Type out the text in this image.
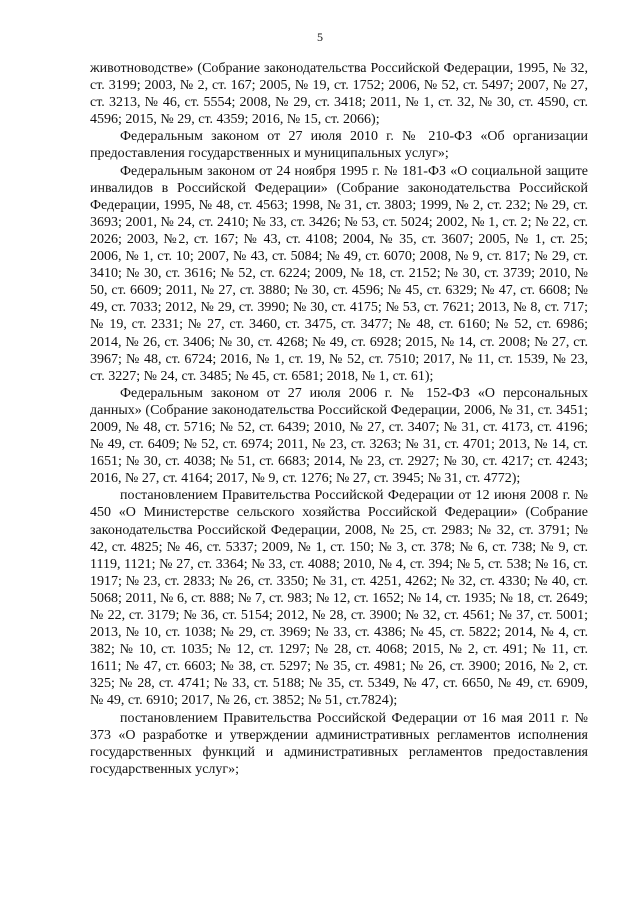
5

животноводстве» (Собрание законодательства Российской Федерации, 1995, № 32, ст. 3199; 2003, № 2, ст. 167; 2005, № 19, ст. 1752; 2006, № 52, ст. 5497; 2007, № 27, ст. 3213, № 46, ст. 5554; 2008, № 29, ст. 3418; 2011, № 1, ст. 32, № 30, ст. 4590, ст. 4596; 2015, № 29, ст. 4359; 2016, № 15, ст. 2066);

Федеральным законом от 27 июля 2010 г. № 210-ФЗ «Об организации предоставления государственных и муниципальных услуг»;

Федеральным законом от 24 ноября 1995 г. № 181-ФЗ «О социальной защите инвалидов в Российской Федерации» (Собрание законодательства Российской Федерации, 1995, № 48, ст. 4563; 1998, № 31, ст. 3803; 1999, № 2, ст. 232; № 29, ст. 3693; 2001, № 24, ст. 2410; № 33, ст. 3426; № 53, ст. 5024; 2002, № 1, ст. 2; № 22, ст. 2026; 2003, №2, ст. 167; № 43, ст. 4108; 2004, № 35, ст. 3607; 2005, № 1, ст. 25; 2006, № 1, ст. 10; 2007, № 43, ст. 5084; № 49, ст. 6070; 2008, № 9, ст. 817; № 29, ст. 3410; № 30, ст. 3616; № 52, ст. 6224; 2009, № 18, ст. 2152; № 30, ст. 3739; 2010, № 50, ст. 6609; 2011, № 27, ст. 3880; № 30, ст. 4596; № 45, ст. 6329; № 47, ст. 6608; № 49, ст. 7033; 2012, № 29, ст. 3990; № 30, ст. 4175; № 53, ст. 7621; 2013, № 8, ст. 717; № 19, ст. 2331; № 27, ст. 3460, ст. 3475, ст. 3477; № 48, ст. 6160; № 52, ст. 6986; 2014, № 26, ст. 3406; № 30, ст. 4268; № 49, ст. 6928; 2015, № 14, ст. 2008; № 27, ст. 3967; № 48, ст. 6724; 2016, № 1, ст. 19, № 52, ст. 7510; 2017, № 11, ст. 1539, № 23, ст. 3227; № 24, ст. 3485; № 45, ст. 6581; 2018, № 1, ст. 61);

Федеральным законом от 27 июля 2006 г. № 152-ФЗ «О персональных данных» (Собрание законодательства Российской Федерации, 2006, № 31, ст. 3451; 2009, № 48, ст. 5716; № 52, ст. 6439; 2010, № 27, ст. 3407; № 31, ст. 4173, ст. 4196; № 49, ст. 6409; № 52, ст. 6974; 2011, № 23, ст. 3263; № 31, ст. 4701; 2013, № 14, ст. 1651; № 30, ст. 4038; № 51, ст. 6683; 2014, № 23, ст. 2927; № 30, ст. 4217; ст. 4243; 2016, № 27, ст. 4164; 2017, № 9, ст. 1276; № 27, ст. 3945; № 31, ст. 4772);

постановлением Правительства Российской Федерации от 12 июня 2008 г. № 450 «О Министерстве сельского хозяйства Российской Федерации» (Собрание законодательства Российской Федерации, 2008, № 25, ст. 2983; № 32, ст. 3791; № 42, ст. 4825; № 46, ст. 5337; 2009, № 1, ст. 150; № 3, ст. 378; № 6, ст. 738; № 9, ст. 1119, 1121; № 27, ст. 3364; № 33, ст. 4088; 2010, № 4, ст. 394; № 5, ст. 538; № 16, ст. 1917; № 23, ст. 2833; № 26, ст. 3350; № 31, ст. 4251, 4262; № 32, ст. 4330; № 40, ст. 5068; 2011, № 6, ст. 888; № 7, ст. 983; № 12, ст. 1652; № 14, ст. 1935; № 18, ст. 2649; № 22, ст. 3179; № 36, ст. 5154; 2012, № 28, ст. 3900; № 32, ст. 4561; № 37, ст. 5001; 2013, № 10, ст. 1038; № 29, ст. 3969; № 33, ст. 4386; № 45, ст. 5822; 2014, № 4, ст. 382; № 10, ст. 1035; № 12, ст. 1297; № 28, ст. 4068; 2015, № 2, ст. 491; № 11, ст. 1611; № 47, ст. 6603; № 38, ст. 5297; № 35, ст. 4981; № 26, ст. 3900; 2016, № 2, ст. 325; № 28, ст. 4741; № 33, ст. 5188; № 35, ст. 5349, № 47, ст. 6650, № 49, ст. 6909, № 49, ст. 6910; 2017, № 26, ст. 3852; № 51, ст.7824);

постановлением Правительства Российской Федерации от 16 мая 2011 г. № 373 «О разработке и утверждении административных регламентов исполнения государственных функций и административных регламентов предоставления государственных услуг»;
